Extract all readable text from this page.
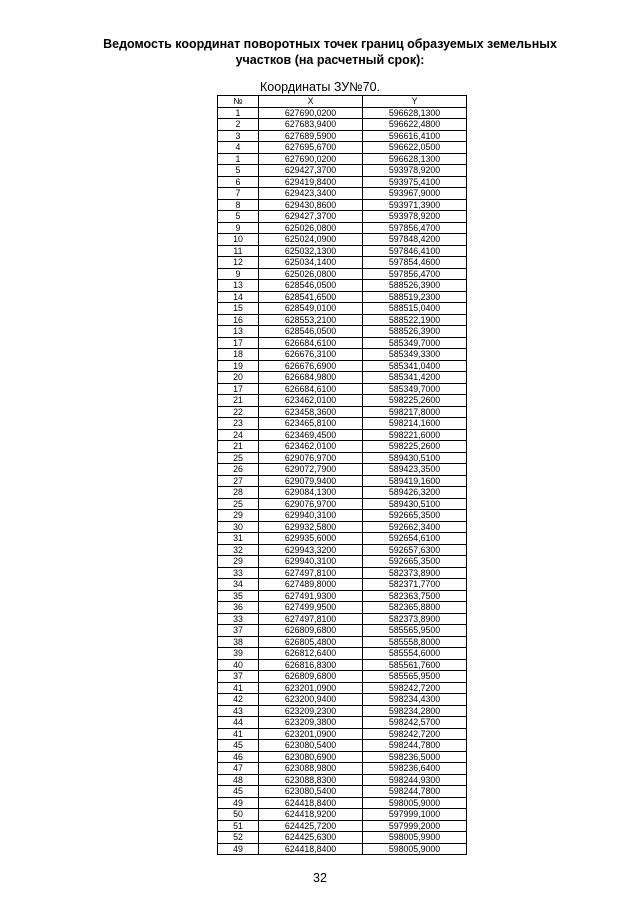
Ведомость координат поворотных точек границ образуемых земельных
участков (на расчетный срок):
Координаты ЗУ№70.
№	X	Y
1	627690,0200	596628,1300
2	627683,9400	596622,4800
3	627689,5900	596616,4100
4	627695,6700	596622,0500
1	627690,0200	596628,1300
5	629427,3700	593978,9200
6	629419,8400	593975,4100
7	629423,3400	593967,9000
8	629430,8600	593971,3900
5	629427,3700	593978,9200
9	625026,0800	597856,4700
10	625024,0900	597848,4200
11	625032,1300	597846,4100
12	625034,1400	597854,4600
9	625026,0800	597856,4700
13	628546,0500	588526,3900
14	628541,6500	588519,2300
15	628549,0100	588515,0400
16	628553,2100	588522,1900
13	628546,0500	588526,3900
17	626684,6100	585349,7000
18	626676,3100	585349,3300
19	626676,6900	585341,0400
20	626684,9800	585341,4200
17	626684,6100	585349,7000
21	623462,0100	598225,2600
22	623458,3600	598217,8000
23	623465,8100	598214,1600
24	623469,4500	598221,6000
21	623462,0100	598225,2600
25	629076,9700	589430,5100
26	629072,7900	589423,3500
27	629079,9400	589419,1600
28	629084,1300	589426,3200
25	629076,9700	589430,5100
29	629940,3100	592665,3500
30	629932,5800	592662,3400
31	629935,6000	592654,6100
32	629943,3200	592657,6300
29	629940,3100	592665,3500
33	627497,8100	582373,8900
34	627489,8000	582371,7700
35	627491,9300	582363,7500
36	627499,9500	582365,8800
33	627497,8100	582373,8900
37	626809,6800	585565,9500
38	626805,4800	585558,8000
39	626812,6400	585554,6000
40	626816,8300	585561,7600
37	626809,6800	585565,9500
41	623201,0900	598242,7200
42	623200,9400	598234,4300
43	623209,2300	598234,2800
44	623209,3800	598242,5700
41	623201,0900	598242,7200
45	623080,5400	598244,7800
46	623080,6900	598236,5000
47	623088,9800	598236,6400
48	623088,8300	598244,9300
45	623080,5400	598244,7800
49	624418,8400	598005,9000
50	624418,9200	597999,1000
51	624425,7200	597999,2000
52	624425,6300	598005,9900
49	624418,8400	598005,9000
32
